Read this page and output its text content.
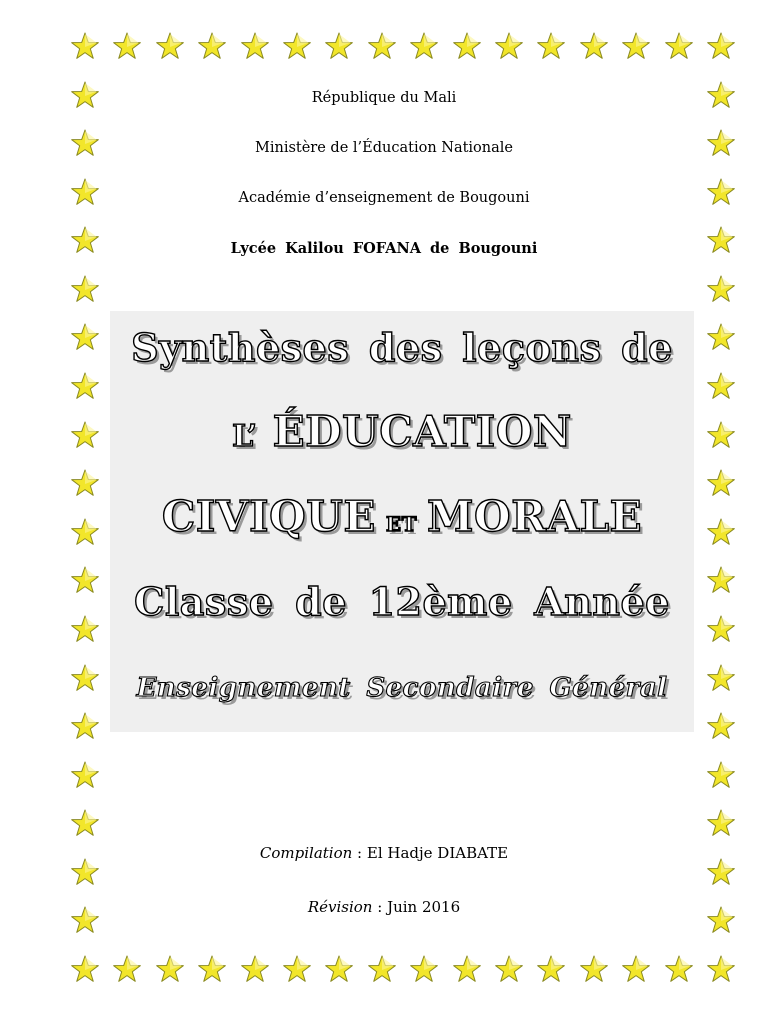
République du Mali
Ministère de l’Éducation Nationale
Académie d’enseignement de Bougouni
Lycée Kalilou FOFANA de Bougouni
Synthèses des leçons de
L’ ÉDUCATION
CIVIQUE ET MORALE
Classe de 12ème Année
Enseignement Secondaire Général
Compilation : El Hadje DIABATE
Révision : Juin 2016
